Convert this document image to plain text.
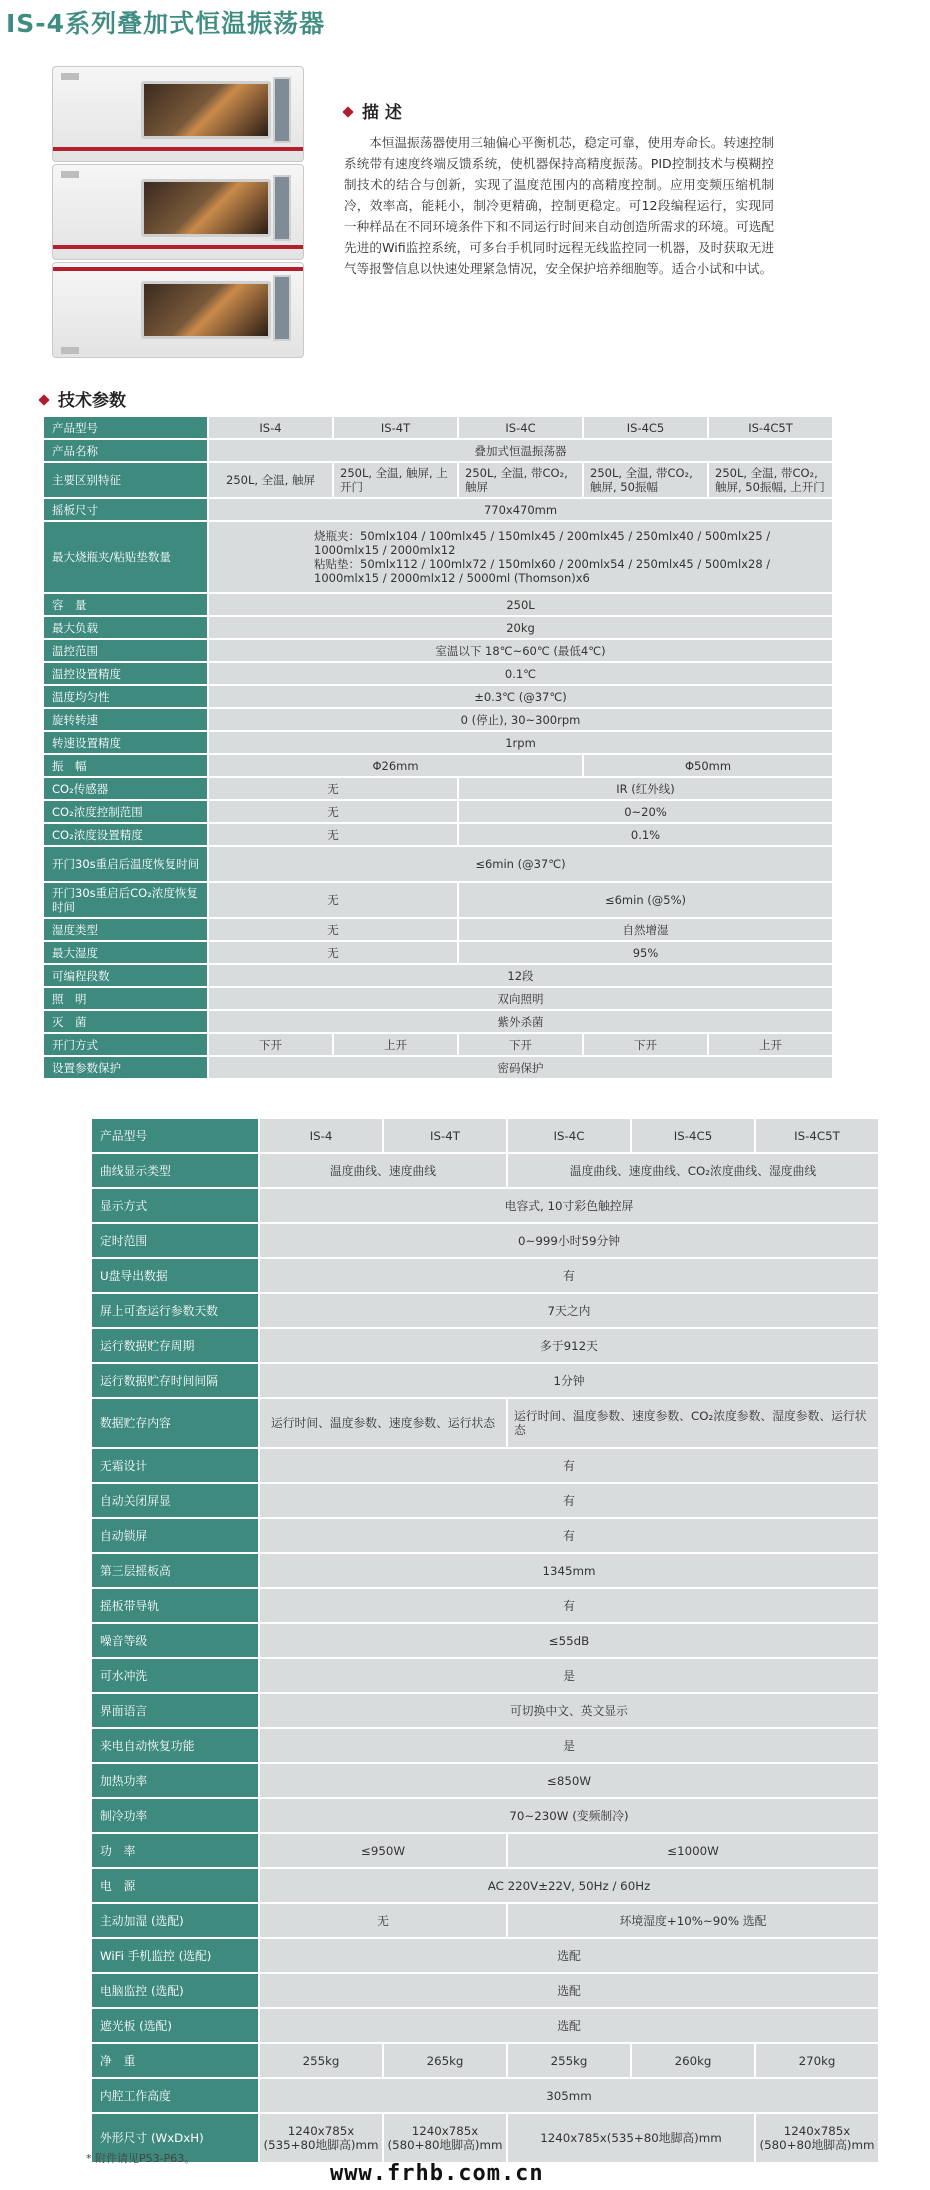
IS-4系列叠加式恒温振荡器
描 述
本恒温振荡器使用三轴偏心平衡机芯，稳定可靠，使用寿命长。转速控制系统带有速度终端反馈系统，使机器保持高精度振荡。PID控制技术与模糊控制技术的结合与创新，实现了温度范围内的高精度控制。应用变频压缩机制冷，效率高，能耗小，制冷更精确，控制更稳定。可12段编程运行，实现同一种样品在不同环境条件下和不同运行时间来自动创造所需求的环境。可选配先进的Wifi监控系统，可多台手机同时远程无线监控同一机器，及时获取无进气等报警信息以快速处理紧急情况，安全保护培养细胞等。适合小试和中试。
技术参数
产品型号	IS-4	IS-4T	IS-4C	IS-4C5	IS-4C5T
产品名称	叠加式恒温振荡器				
主要区别特征	250L, 全温, 触屏	250L, 全温, 触屏, 上开门	250L, 全温, 带CO₂, 触屏	250L, 全温, 带CO₂, 触屏, 50振幅	250L, 全温, 带CO₂, 触屏, 50振幅, 上开门
摇板尺寸	770x470mm				
最大烧瓶夹/粘贴垫数量	烧瓶夹：50mlx104 / 100mlx45 / 150mlx45 / 200mlx45 / 250mlx40 / 500mlx25 / 1000mlx15 / 2000mlx12
粘贴垫：50mlx112 / 100mlx72 / 150mlx60 / 200mlx54 / 250mlx45 / 500mlx28 / 1000mlx15 / 2000mlx12 / 5000ml (Thomson)x6				
容　量	250L				
最大负载	20kg				
温控范围	室温以下 18℃~60℃ (最低4℃)				
温控设置精度	0.1℃				
温度均匀性	±0.3℃ (@37℃)				
旋转转速	0 (停止), 30~300rpm				
转速设置精度	1rpm				
振　幅	Φ26mm			Φ50mm	
CO₂传感器	无		IR (红外线)		
CO₂浓度控制范围	无		0~20%		
CO₂浓度设置精度	无		0.1%		
开门30s重启后温度恢复时间	≤6min (@37℃)				
开门30s重启后CO₂浓度恢复时间	无		≤6min (@5%)		
湿度类型	无		自然增湿		
最大湿度	无		95%		
可编程段数	12段				
照　明	双向照明				
灭　菌	紫外杀菌				
开门方式	下开	上开	下开	下开	上开
设置参数保护	密码保护				
产品型号	IS-4	IS-4T	IS-4C	IS-4C5	IS-4C5T
曲线显示类型	温度曲线、速度曲线		温度曲线、速度曲线、CO₂浓度曲线、湿度曲线		
显示方式	电容式, 10寸彩色触控屏				
定时范围	0~999小时59分钟				
U盘导出数据	有				
屏上可查运行参数天数	7天之内				
运行数据贮存周期	多于912天				
运行数据贮存时间间隔	1分钟				
数据贮存内容	运行时间、温度参数、速度参数、运行状态		运行时间、温度参数、速度参数、CO₂浓度参数、湿度参数、运行状态		
无霜设计	有				
自动关闭屏显	有				
自动锁屏	有				
第三层摇板高	1345mm				
摇板带导轨	有				
噪音等级	≤55dB				
可水冲洗	是				
界面语言	可切换中文、英文显示				
来电自动恢复功能	是				
加热功率	≤850W				
制冷功率	70~230W (变频制冷)				
功　率	≤950W		≤1000W		
电　源	AC 220V±22V, 50Hz / 60Hz				
主动加湿 (选配)	无		环境湿度+10%~90% 选配		
WiFi 手机监控 (选配)	选配				
电脑监控 (选配)	选配				
遮光板 (选配)	选配				
净　重	255kg	265kg	255kg	260kg	270kg
内腔工作高度	305mm				
外形尺寸 (WxDxH)	1240x785x (535+80地脚高)mm	1240x785x (580+80地脚高)mm	1240x785x(535+80地脚高)mm		1240x785x (580+80地脚高)mm
* 附件请见P53-P63。
www.frhb.com.cn
